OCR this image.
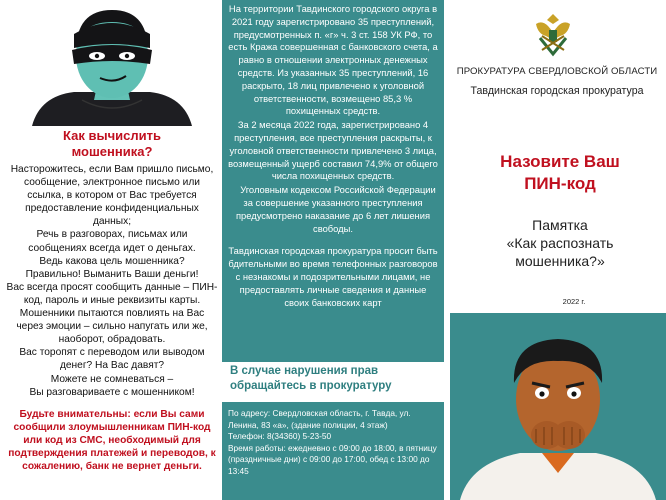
Как вычислить
мошенника?

Насторожитесь, если Вам пришло письмо, сообщение, электронное письмо или ссылка, в котором от Вас требуется предоставление конфиденциальных данных;

Речь в разговорах, письмах или сообщениях всегда идет о деньгах.

Ведь какова цель мошенника?

Правильно! Выманить Ваши деньги!

Вас всегда просят сообщить данные – ПИН-код, пароль и иные реквизиты карты.

Мошенники пытаются повлиять на Вас через эмоции – сильно напугать или же, наоборот, обрадовать.

Вас торопят с переводом или выводом денег? На Вас давят?

Можете не сомневаться –

Вы разговариваете с мошенником!

Будьте внимательны: если Вы сами сообщили злоумышленникам ПИН-код или код из СМС, необходимый для подтверждения платежей и переводов, к сожалению, банк не вернет деньги.

На территории Тавдинского городского округа в 2021 году зарегистрировано 35 преступлений, предусмотренных п. «г» ч. 3 ст. 158 УК РФ, то есть Кража совершенная с банковского счета, а равно в отношении электронных денежных средств. Из указанных 35 преступлений, 16 раскрыто, 18 лиц привлечено к уголовной ответственности, возмещено 85,3 % похищенных средств.

За 2 месяца 2022 года, зарегистрировано 4 преступления, все преступления раскрыты, к уголовной ответственности привлечено 3 лица, возмещенный ущерб составил 74,9% от общего числа похищенных средств.

Уголовным кодексом Российской Федерации за совершение указанного преступления предусмотрено наказание до 6 лет лишения свободы.

Тавдинская городская прокуратура просит быть бдительными во время телефонных разговоров с незнакомы и подозрительными лицами, не предоставлять личные сведения и данные своих банковских карт

В случае нарушения прав обращайтесь в прокуратуру
По адресу: Свердловская область, г. Тавда, ул. Ленина, 83 «а», (здание полиции, 4 этаж)
Телефон: 8(34360) 5-23-50
Время работы: ежедневно с 09:00 до 18:00, в пятницу (праздничные дни) с 09:00 до 17:00, обед с 13:00 до 13:45
ПРОКУРАТУРА СВЕРДЛОВСКОЙ ОБЛАСТИ
Тавдинская городская прокуратура
Назовите Ваш
ПИН-код
Памятка
«Как распознать
мошенника?»
2022 г.
